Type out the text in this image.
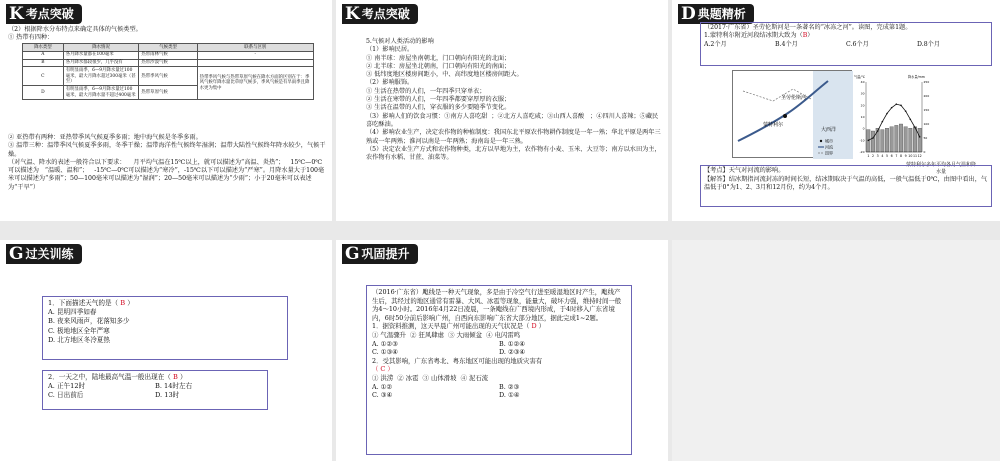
K 考点突破
（2）根据降水分布特点来确定具体的气候类型。
① 热带有四种：
降水类型	降水情况	气候类型	联系与区别
A	各月降水量都在100毫米	热带雨林气候	-
B	各月降水都较很少，几乎没有	热带沙漠气候	
C	有明显雨季，6—9月降水量过100毫米，最大月降水超过300毫米（甚至）	热带季风气候	热带季风气候与热带草原气候在降水方面的区别在于：季风气候年降水量比草原气候多，季风气候是有旱雨季且降水更为集中
D	有明显雨季，6—9月降水量过100毫米，最大月降水量不超过400毫米	热带草原气候	
② 亚热带有两种：亚热带季风气候夏季多雨；地中海气候是冬季多雨。
③ 温带三种：温带季风气候夏季多雨，冬季干燥；温带海洋性气候终年湿润；温带大陆性气候终年降水较少，气候干燥。
（对气温、降水的表述一般符合以下要求：    月平均气温在15℃以上，就可以描述为“高温、炎热”；   15℃—0℃可以描述为   “温暖、温和”；   -15℃—0℃可以描述为“寒冷”，-15℃以下可以描述为“严寒”。月降水量大于100毫米可以描述为“多雨”；50—100毫米可以描述为“湿润”；20—50毫米可以描述为“少雨”；小于20毫米可以表述为“干旱”）
K 考点突破
5.气候对人类活动的影响
（1）影响民居。
① 南半球：房屋坐南朝北，门口朝向有阳光的北面；
② 北半球：房屋坐北朝南，门口朝向有阳光的南面；
③ 低纬度地区楼房间距小，中、高纬度地区楼房间距大。
（2）影响服饰。
① 生活在热带的人们，一年四季只穿单衣；
② 生活在寒带的人们，一年四季都要穿厚厚的衣服；
③ 生活在温带的人们，穿衣服的多少要随季节变化。
（3）影响人们的饮食习惯：①南方人喜吃甜  ；②北方人喜吃咸；③山西人喜酸   ；④四川人喜辣；⑤藏民喜吃酥油。
（4）影响农业生产，决定农作物的种植制度：我国东北平原农作物耕作制度是一年一熟；华北平原是两年三熟或一年两熟；淮河以南是一年两熟；海南岛是一年三熟。
（5）决定农业生产方式和农作物种类，北方以旱地为主，农作物有小麦、玉米、大豆等；南方以水田为主，农作物有水稻、甘蔗、油菜等。
D 典题精析
（2017·广东省）圣劳伦斯河是一条著名的“冰冻之河”。读图，完成第1题。
1.蒙特利尔附近河段结冰期大致为（B）

A.2个月	B.4个月	C.6个月	D.8个月
蒙特利尔
圣劳伦斯河
大西洋
城市
河流
国界
1 2 3 4 5 6 7 8 9 10 11 12
-20
-10
0
10
20
30
40
0
50
100
150
200
250
气温/℃	降水量/mm
蒙特利尔多年平均各月气温和降水量
【考点】天气对河流的影响。
【解答】结冰期指河流封冻的时间长短，结冰期取决于气温的高低，一般气温低于0℃，由图中看出，气温低于0°为1、2、3月和12月份，约为4个月。
G 过关训练
1．下面描述天气的是（ B ）
A. 昆明四季如春
B. 夜来风雨声，花落知多少
C. 极地地区全年严寒
D. 北方地区冬冷夏热
2．一天之中，陆地最高气温一般出现在（ B ）

A. 正午12时	B. 14时左右
C. 日出前后	D. 13时
G 巩固提升
（2016·广东省）飑线是一种天气现象，多是由于冷空气行进至暖湿地区时产生，飑线产生后，其经过的地区通常有雷暴、大风、冰雹等现象，能量大，破坏力强，维持时间一般为4～10小时。2016年4月22日凌晨，一条飑线在广西境内形成，于4时移入广东省境内，6时50分前后影响广州，自西向东影响广东省大部分地区，据此完成1~2题。
1．据资料推测，这天早晨广州可能出现的天气状况是（ D ）
① 气温骤升  ② 狂风肆虐  ③ 大雨倾盆  ④ 电闪雷鸣

A. ①②③	B. ①②④
C. ①③④	D. ②③④

2．受其影响，广东省粤北、粤东地区可能出现的地质灾害有
（ C ）
① 洪涝  ② 冰雹  ③ 山体滑坡  ④ 泥石流

A. ①②	B. ②③
C. ③④	D. ①④
